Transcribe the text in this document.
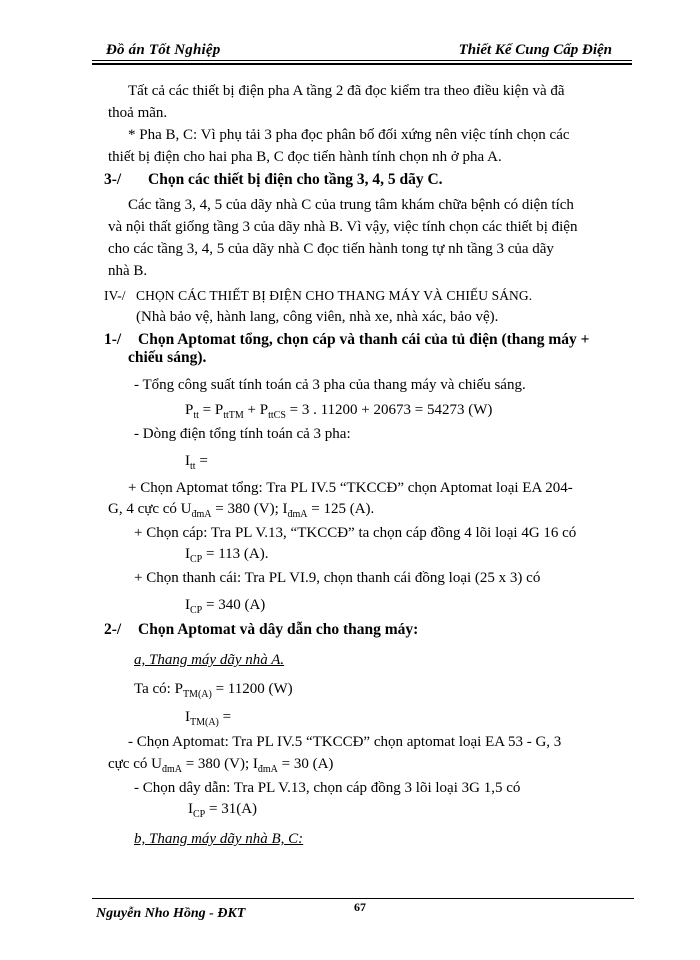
Đồ án Tốt Nghiệp	Thiết Kế Cung Cấp Điện
Tất cả các thiết bị điện pha A tầng 2 đã đọc kiểm tra theo điều kiện và đã
thoả mãn.
* Pha B, C: Vì phụ tải 3 pha đọc phân bố đối xứng nên việc tính chọn các
thiết bị điện cho hai pha B, C đọc tiến hành tính chọn nh ở pha A.
3-/ Chọn các thiết bị điện cho tầng 3, 4, 5 dãy C.
Các tầng 3, 4, 5 của dãy nhà C của trung tâm khám chữa bệnh có diện tích
và nội thất giống tầng 3 của dãy nhà B. Vì vậy, việc tính chọn các thiết bị điện
cho các tầng 3, 4, 5 của dãy nhà C đọc tiến hành tong tự nh tầng 3 của dãy
nhà B.
IV-/ CHỌN CÁC THIẾT BỊ ĐIỆN CHO THANG MÁY VÀ CHIẾU SÁNG.
(Nhà bảo vệ, hành lang, công viên, nhà xe, nhà xác, bảo vệ).
1-/ Chọn Aptomat tổng, chọn cáp và thanh cái của tủ điện (thang máy +
chiếu sáng).
- Tổng công suất tính toán cả 3 pha của thang máy và chiếu sáng.
$P_{tt} = P_{ttTM} + P_{ttCS} = 3$ . 11200 + 20673 = 54273 (W)
- Dòng điện tổng tính toán cả 3 pha:
$I_{tt}$ =
+ Chọn Aptomat tổng: Tra PL IV.5 “TKCCĐ” chọn Aptomat loại EA 204-
G, 4 cực có $U_{đmA} = 380$ (V); $I_{đmA} = 125$ (A).
+ Chọn cáp: Tra PL V.13, “TKCCĐ” ta chọn cáp đồng 4 lõi loại 4G 16 có
$I_{CP} = 113$ (A).
+ Chọn thanh cái: Tra PL VI.9, chọn thanh cái đồng loại (25 x 3) có
$I_{CP} = 340$ (A)
2-/ Chọn Aptomat và dây dẫn cho thang máy:
a, Thang máy dãy nhà A.
Ta có: $P_{TM(A)} = 11200$ (W)
$I_{TM(A)}$ =
- Chọn Aptomat: Tra PL IV.5 “TKCCĐ” chọn aptomat loại EA 53 - G, 3
cực có $U_{đmA} = 380$ (V); $I_{đmA} = 30$ (A)
- Chọn dây dẫn: Tra PL V.13, chọn cáp đồng 3 lõi loại 3G 1,5 có
$I_{CP} = 31(A)$
b, Thang máy dãy nhà B, C:
Nguyễn Nho Hồng - ĐKT	67
